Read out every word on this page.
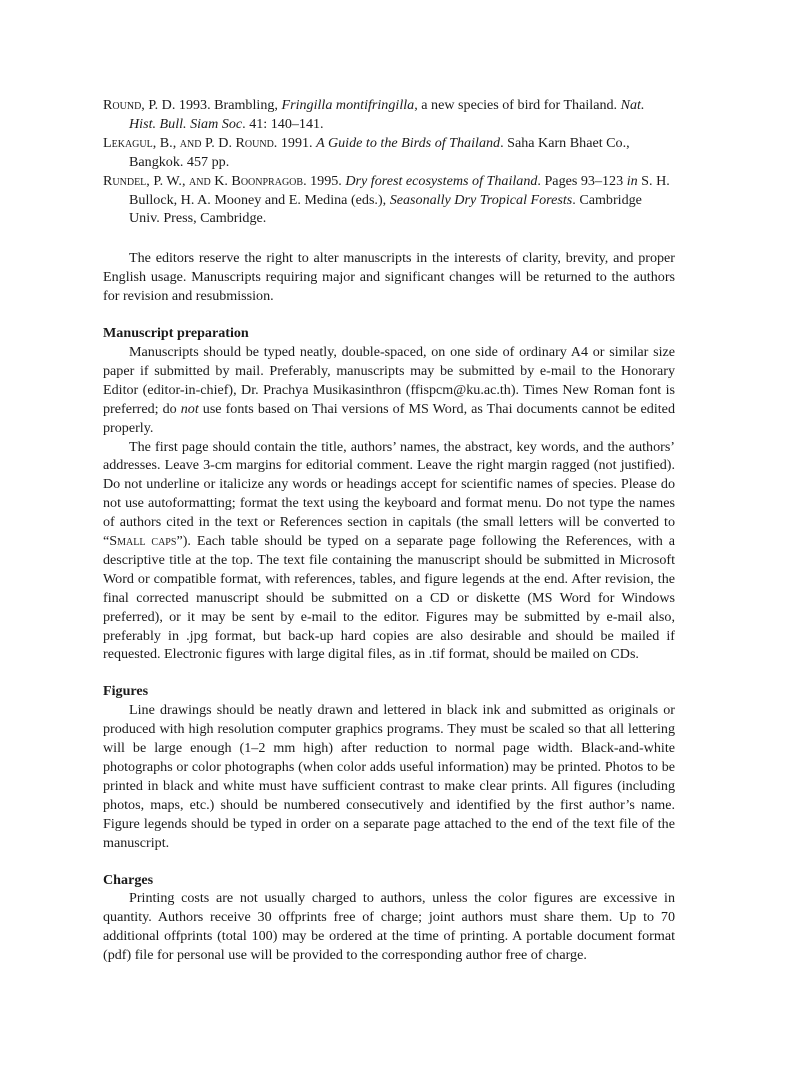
Round, P. D. 1993. Brambling, Fringilla montifringilla, a new species of bird for Thailand. Nat. Hist. Bull. Siam Soc. 41: 140–141.

Lekagul, B., and P. D. Round. 1991. A Guide to the Birds of Thailand. Saha Karn Bhaet Co., Bangkok. 457 pp.

Rundel, P. W., and K. Boonpragob. 1995. Dry forest ecosystems of Thailand. Pages 93–123 in S. H. Bullock, H. A. Mooney and E. Medina (eds.), Seasonally Dry Tropical Forests. Cambridge Univ. Press, Cambridge.

The editors reserve the right to alter manuscripts in the interests of clarity, brevity, and proper English usage. Manuscripts requiring major and significant changes will be returned to the authors for revision and resubmission.

Manuscript preparation

Manuscripts should be typed neatly, double-spaced, on one side of ordinary A4 or similar size paper if submitted by mail. Preferably, manuscripts may be submitted by e-mail to the Honorary Editor (editor-in-chief), Dr. Prachya Musikasinthron (ffispcm@ku.ac.th). Times New Roman font is preferred; do not use fonts based on Thai versions of MS Word, as Thai documents cannot be edited properly.

The first page should contain the title, authors’ names, the abstract, key words, and the authors’ addresses. Leave 3-cm margins for editorial comment. Leave the right margin ragged (not justified). Do not underline or italicize any words or headings accept for scientific names of species. Please do not use autoformatting; format the text using the keyboard and format menu. Do not type the names of authors cited in the text or References section in capitals (the small letters will be converted to “Small caps”). Each table should be typed on a separate page following the References, with a descriptive title at the top. The text file containing the manuscript should be submitted in Microsoft Word or compatible format, with references, tables, and figure legends at the end. After revision, the final corrected manuscript should be submitted on a CD or diskette (MS Word for Windows preferred), or it may be sent by e-mail to the editor. Figures may be submitted by e-mail also, preferably in .jpg format, but back-up hard copies are also desirable and should be mailed if requested. Electronic figures with large digital files, as in .tif format, should be mailed on CDs.

Figures

Line drawings should be neatly drawn and lettered in black ink and submitted as originals or produced with high resolution computer graphics programs. They must be scaled so that all lettering will be large enough (1–2 mm high) after reduction to normal page width. Black-and-white photographs or color photographs (when color adds useful information) may be printed. Photos to be printed in black and white must have sufficient contrast to make clear prints. All figures (including photos, maps, etc.) should be numbered consecutively and identified by the first author’s name. Figure legends should be typed in order on a separate page attached to the end of the text file of the manuscript.

Charges

Printing costs are not usually charged to authors, unless the color figures are excessive in quantity. Authors receive 30 offprints free of charge; joint authors must share them. Up to 70 additional offprints (total 100) may be ordered at the time of printing. A portable document format (pdf) file for personal use will be provided to the corresponding author free of charge.
